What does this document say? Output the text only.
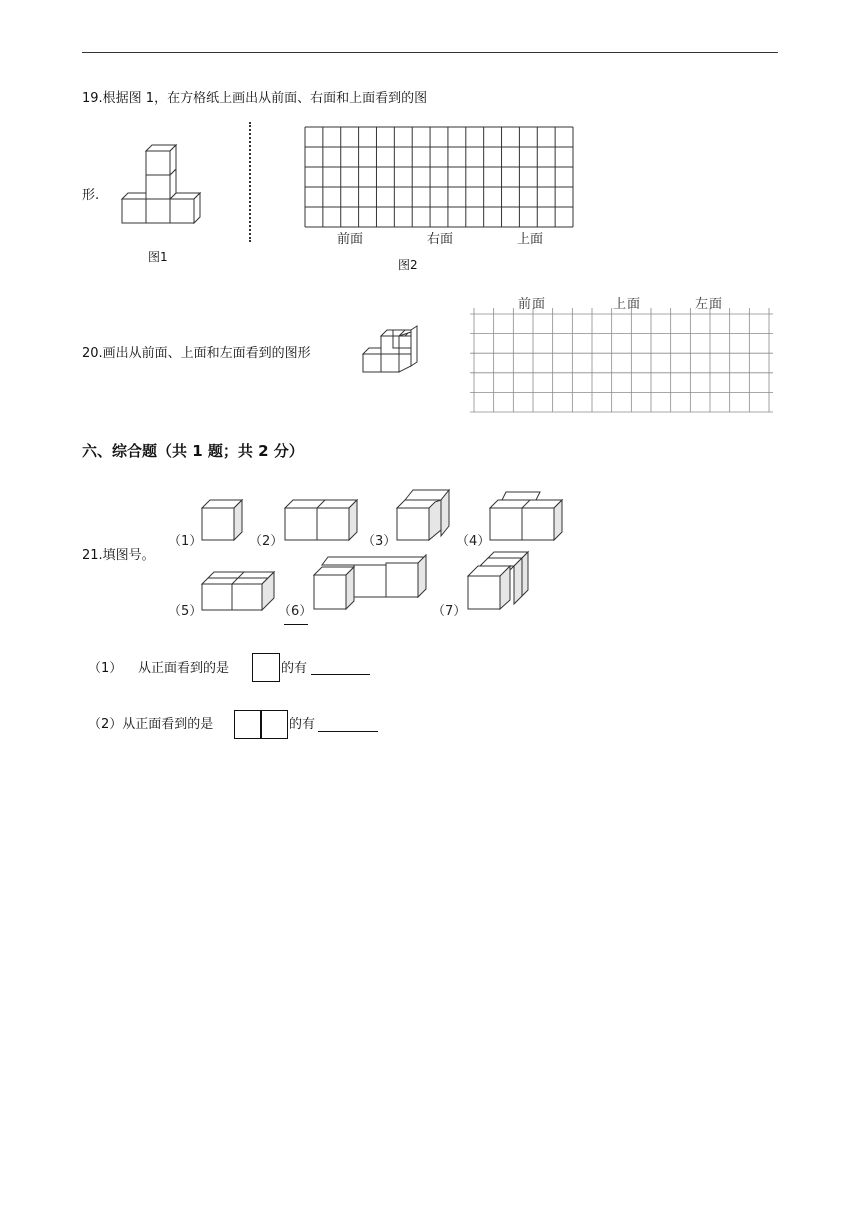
19.根据图 1，在方格纸上画出从前面、右面和上面看到的图
形.
图1
前面	右面	上面
图2
20.画出从前面、上面和左面看到的图形
前面	上面	左面
六、综合题（共 1 题；共 2 分）
21.填图号。
（1）	（2）	（3）	（4）
（5）	（6）	（7）
（1） 从正面看到的是	的有
（2）从正面看到的是	的有
